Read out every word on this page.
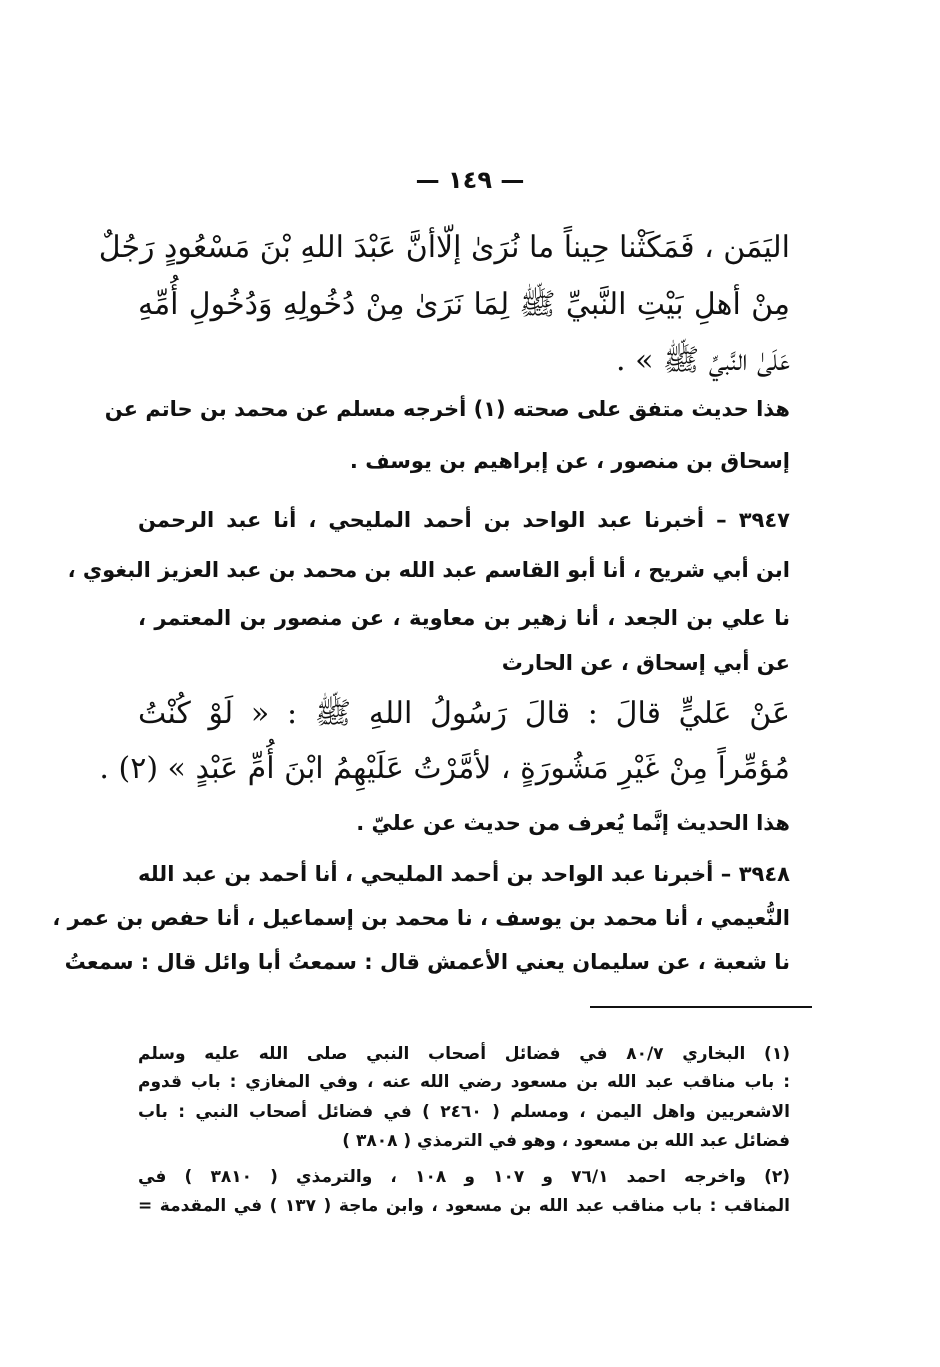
— ١٤٩ —
اليَمَن ، فَمَكَثْنا حِيناً ما نُرَىٰ إلّاأنَّ عَبْدَ اللهِ بْنَ مَسْعُودٍ رَجُلٌ
مِنْ أهلِ بَيْتِ النَّبيِّ ﷺ لِمَا نَرَىٰ مِنْ دُخُولِهِ وَدُخُولِ أُمِّهِ
عَلَىٰ النَّبيِّ ﷺ » .
هذا حديث متفق على صحته (١) أخرجه مسلم عن محمد بن حاتم عن
إسحاق بن منصور ، عن إبراهيم بن يوسف .
٣٩٤٧ – أخبرنا عبد الواحد بن أحمد المليحي ، أنا عبد الرحمن
ابن أبي شريح ، أنا أبو القاسم عبد الله بن محمد بن عبد العزيز البغوي ،
نا علي بن الجعد ، أنا زهير بن معاوية ، عن منصور بن المعتمر ،
عن أبي إسحاق ، عن الحارث
عَنْ عَليٍّ قالَ : قالَ رَسُولُ اللهِ ﷺ : « لَوْ كُنْتُ
مُؤمِّراً مِنْ غَيْرِ مَشُورَةٍ ، لأمَّرْتُ عَلَيْهِمُ ابْنَ أُمِّ عَبْدٍ » (٢) .
هذا الحديث إنَّما يُعرف من حديث عن عليّ .
٣٩٤٨ – أخبرنا عبد الواحد بن أحمد المليحي ، أنا أحمد بن عبد الله
النُّعيمي ، أنا محمد بن يوسف ، نا محمد بن إسماعيل ، أنا حفص بن عمر ،
نا شعبة ، عن سليمان يعني الأعمش قال : سمعتُ أبا وائل قال : سمعتُ
(١) البخاري ٨٠/٧ في فضائل أصحاب النبي صلى الله عليه وسلم
: باب مناقب عبد الله بن مسعود رضي الله عنه ، وفي المغازي : باب قدوم
الاشعريين واهل اليمن ، ومسلم ( ٢٤٦٠ ) في فضائل أصحاب النبي : باب
فضائل عبد الله بن مسعود ، وهو في الترمذي ( ٣٨٠٨ )
(٢) واخرجه احمد ٧٦/١ و ١٠٧ و ١٠٨ ، والترمذي ( ٣٨١٠ ) في
المناقب : باب مناقب عبد الله بن مسعود ، وابن ماجة ( ١٣٧ ) في المقدمة =
